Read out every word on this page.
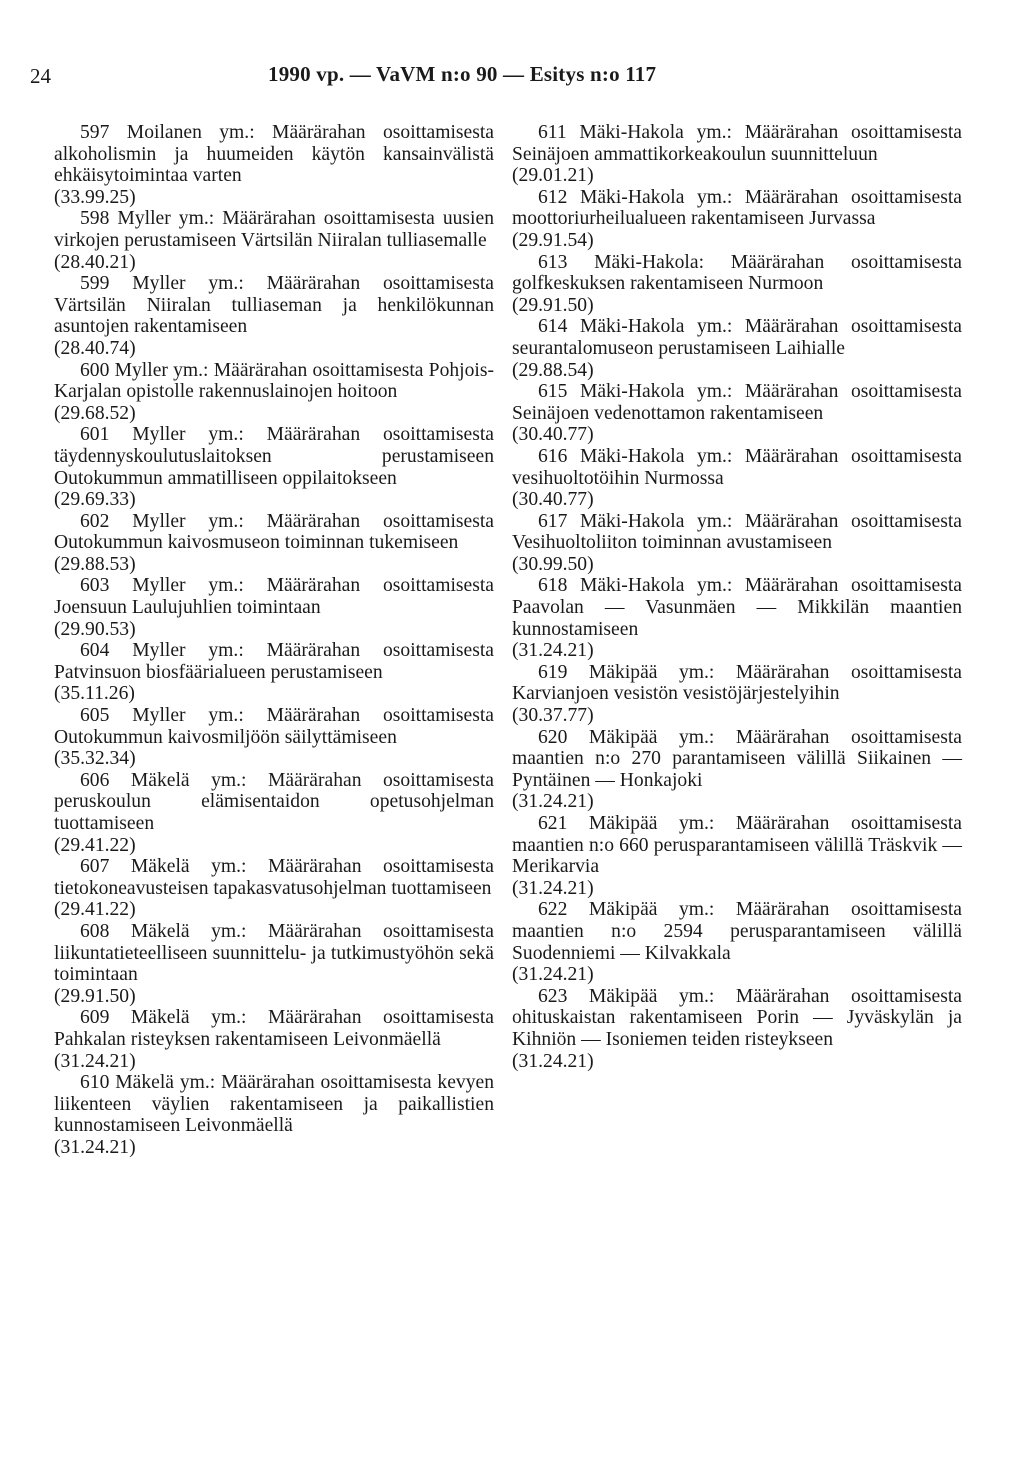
24	1990 vp. — VaVM n:o 90 — Esitys n:o 117

597 Moilanen ym.: Määrärahan osoittamisesta alkoholismin ja huumeiden käytön kansainvälistä ehkäisytoimintaa varten
(33.99.25)

598 Myller ym.: Määrärahan osoittamisesta uusien virkojen perustamiseen Värtsilän Niiralan tulliasemalle
(28.40.21)

599 Myller ym.: Määrärahan osoittamisesta Värtsilän Niiralan tulliaseman ja henkilökunnan asuntojen rakentamiseen
(28.40.74)

600 Myller ym.: Määrärahan osoittamisesta Pohjois-Karjalan opistolle rakennuslainojen hoitoon
(29.68.52)

601 Myller ym.: Määrärahan osoittamisesta täydennyskoulutuslaitoksen perustamiseen Outokummun ammatilliseen oppilaitokseen
(29.69.33)

602 Myller ym.: Määrärahan osoittamisesta Outokummun kaivosmuseon toiminnan tukemiseen
(29.88.53)

603 Myller ym.: Määrärahan osoittamisesta Joensuun Laulujuhlien toimintaan
(29.90.53)

604 Myller ym.: Määrärahan osoittamisesta Patvinsuon biosfäärialueen perustamiseen
(35.11.26)

605 Myller ym.: Määrärahan osoittamisesta Outokummun kaivosmiljöön säilyttämiseen
(35.32.34)

606 Mäkelä ym.: Määrärahan osoittamisesta peruskoulun elämisentaidon opetusohjelman tuottamiseen
(29.41.22)

607 Mäkelä ym.: Määrärahan osoittamisesta tietokoneavusteisen tapakasvatusohjelman tuottamiseen
(29.41.22)

608 Mäkelä ym.: Määrärahan osoittamisesta liikuntatieteelliseen suunnittelu- ja tutkimustyöhön sekä toimintaan
(29.91.50)

609 Mäkelä ym.: Määrärahan osoittamisesta Pahkalan risteyksen rakentamiseen Leivonmäellä
(31.24.21)

610 Mäkelä ym.: Määrärahan osoittamisesta kevyen liikenteen väylien rakentamiseen ja paikallistien kunnostamiseen Leivonmäellä
(31.24.21)

611 Mäki-Hakola ym.: Määrärahan osoittamisesta Seinäjoen ammattikorkeakoulun suunnitteluun
(29.01.21)

612 Mäki-Hakola ym.: Määrärahan osoittamisesta moottoriurheilualueen rakentamiseen Jurvassa
(29.91.54)

613 Mäki-Hakola: Määrärahan osoittamisesta golfkeskuksen rakentamiseen Nurmoon
(29.91.50)

614 Mäki-Hakola ym.: Määrärahan osoittamisesta seurantalomuseon perustamiseen Laihialle
(29.88.54)

615 Mäki-Hakola ym.: Määrärahan osoittamisesta Seinäjoen vedenottamon rakentamiseen
(30.40.77)

616 Mäki-Hakola ym.: Määrärahan osoittamisesta vesihuoltotöihin Nurmossa
(30.40.77)

617 Mäki-Hakola ym.: Määrärahan osoittamisesta Vesihuoltoliiton toiminnan avustamiseen
(30.99.50)

618 Mäki-Hakola ym.: Määrärahan osoittamisesta Paavolan — Vasunmäen — Mikkilän maantien kunnostamiseen
(31.24.21)

619 Mäkipää ym.: Määrärahan osoittamisesta Karvianjoen vesistön vesistöjärjestelyihin
(30.37.77)

620 Mäkipää ym.: Määrärahan osoittamisesta maantien n:o 270 parantamiseen välillä Siikainen — Pyntäinen — Honkajoki
(31.24.21)

621 Mäkipää ym.: Määrärahan osoittamisesta maantien n:o 660 perusparantamiseen välillä Träskvik — Merikarvia
(31.24.21)

622 Mäkipää ym.: Määrärahan osoittamisesta maantien n:o 2594 perusparantamiseen välillä Suodenniemi — Kilvakkala
(31.24.21)

623 Mäkipää ym.: Määrärahan osoittamisesta ohituskaistan rakentamiseen Porin — Jyväskylän ja Kihniön — Isoniemen teiden risteykseen
(31.24.21)
